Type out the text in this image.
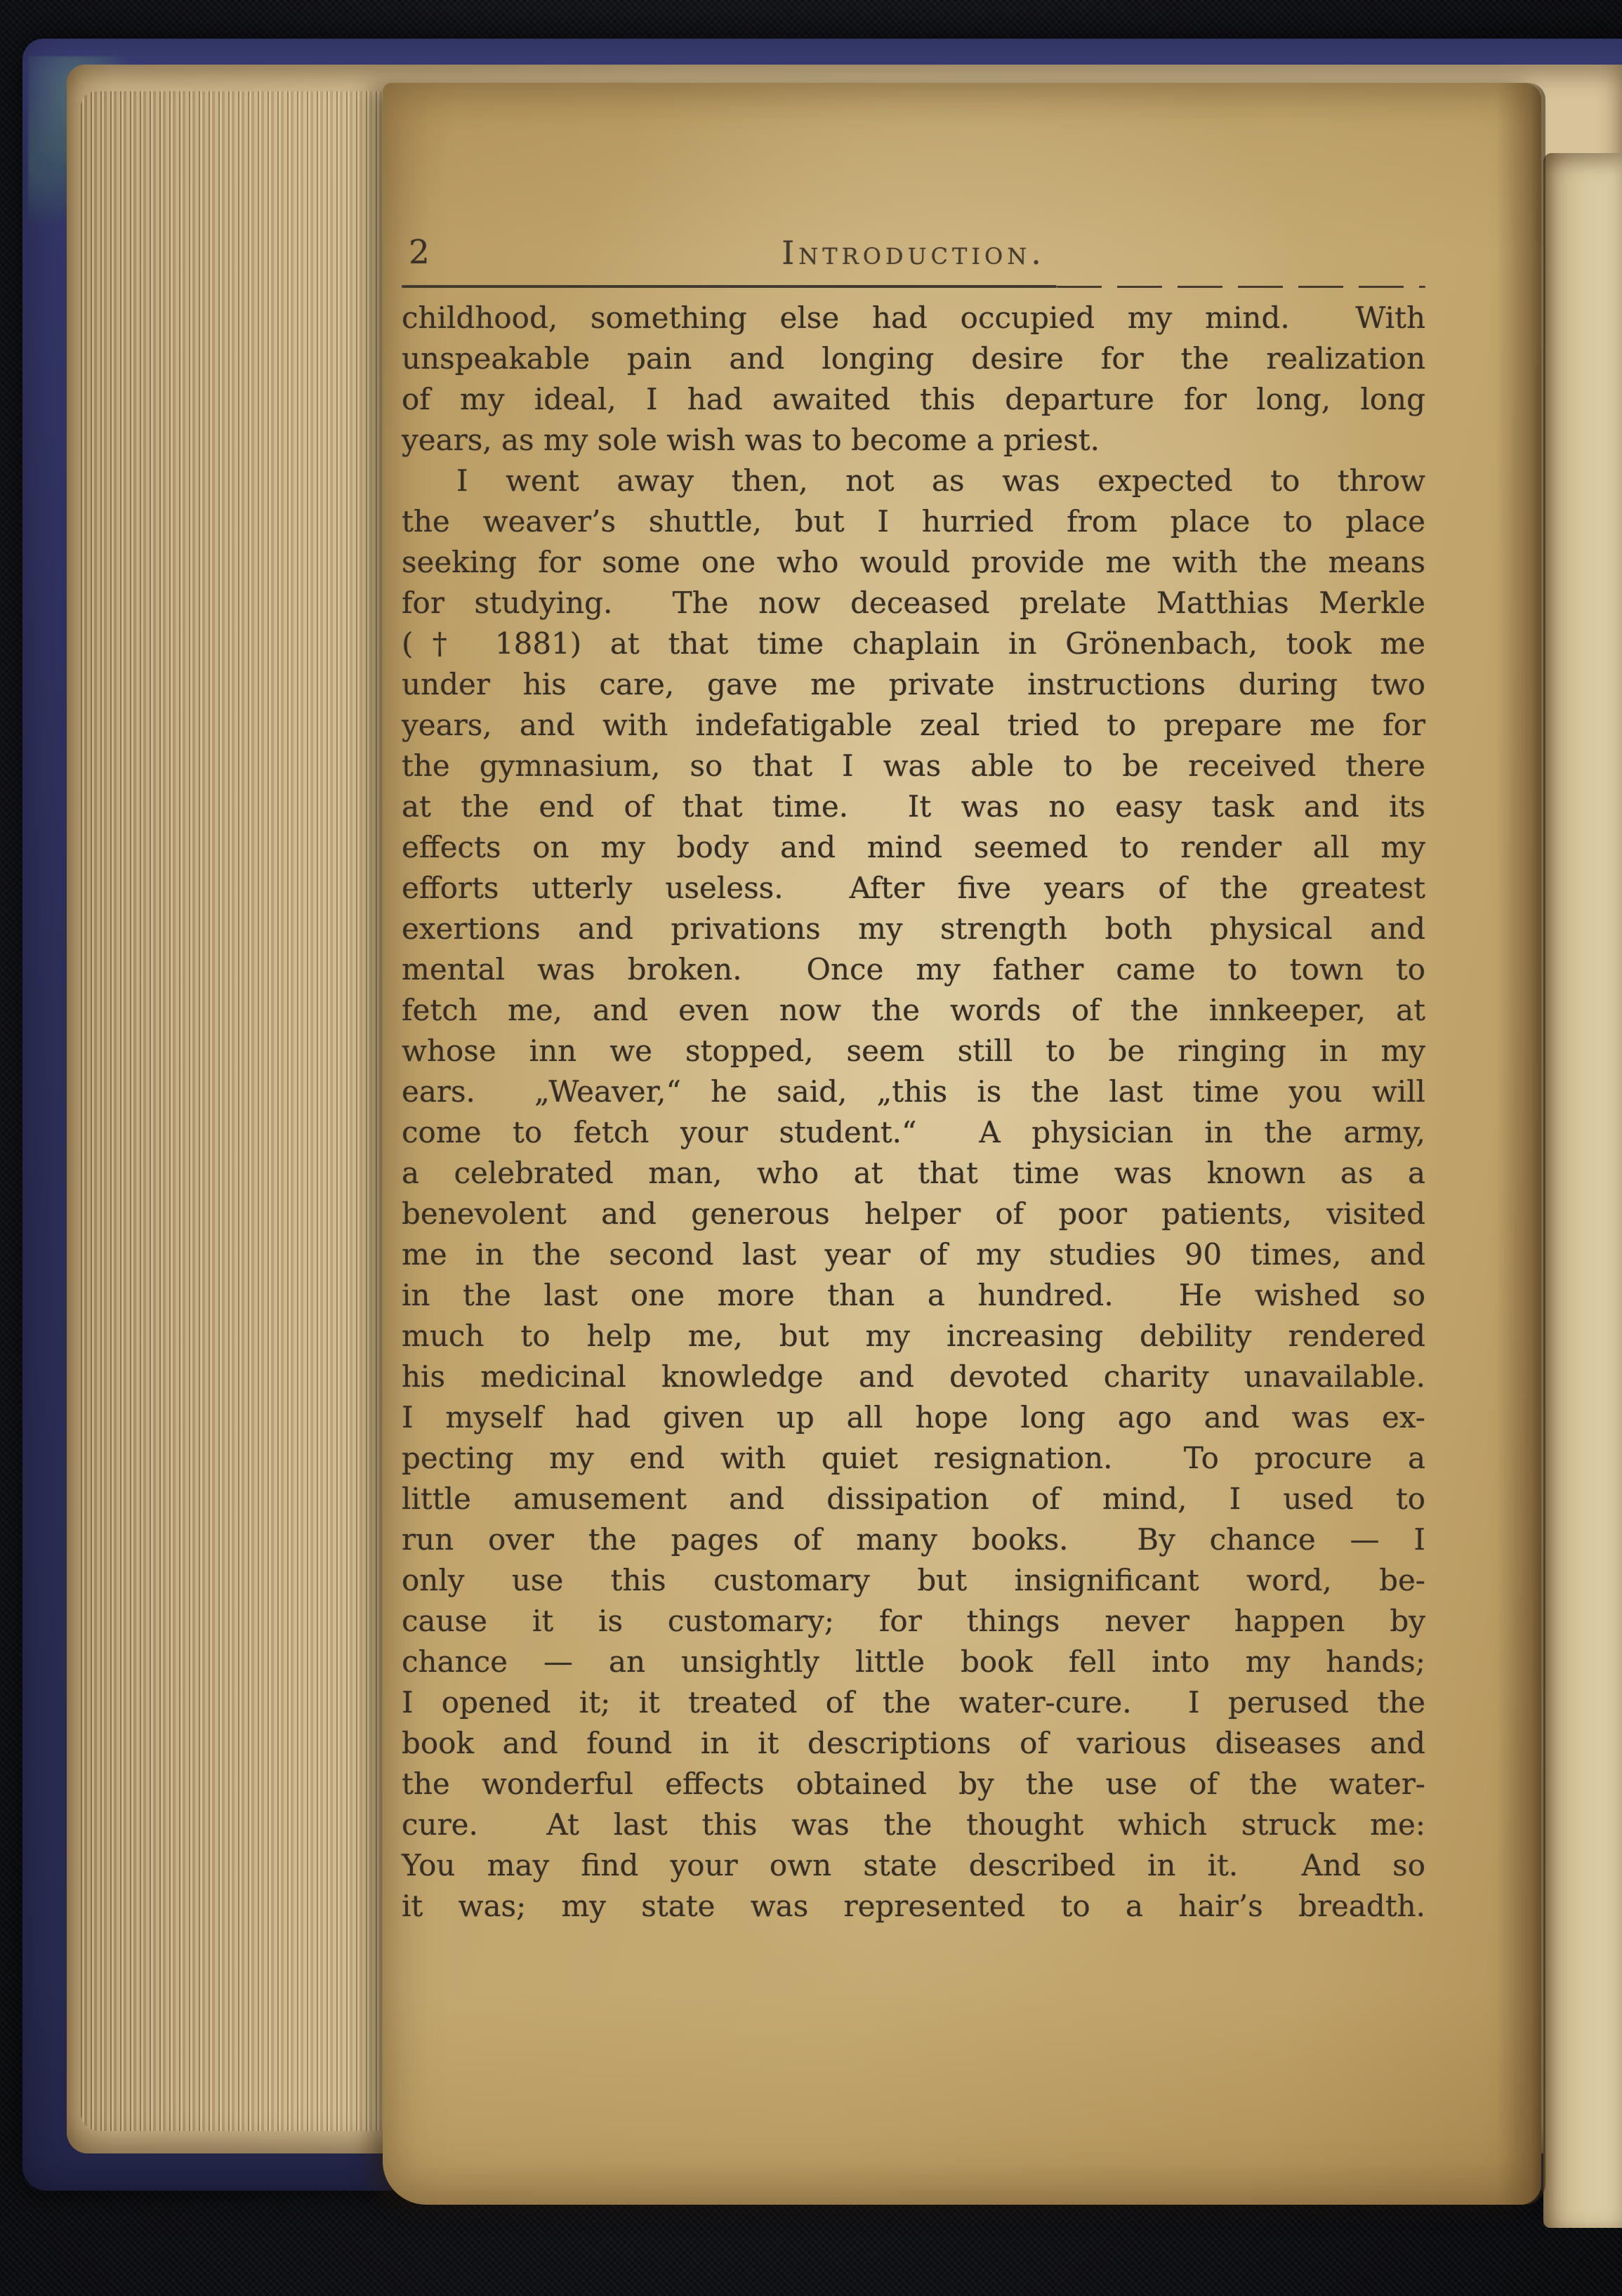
2	Introduction.
childhood, something else had occupied my mind.  With
unspeakable pain and longing desire for the realization
of my ideal, I had awaited this departure for long, long
years, as my sole wish was to become a priest.
I went away then, not as was expected to throw
the weaver’s shuttle, but I hurried from place to place
seeking for some one who would provide me with the means
for studying.  The now deceased prelate Matthias Merkle
(† 1881) at that time chaplain in Grönenbach, took me
under his care, gave me private instructions during two
years, and with indefatigable zeal tried to prepare me for
the gymnasium, so that I was able to be received there
at the end of that time.  It was no easy task and its
effects on my body and mind seemed to render all my
efforts utterly useless.  After five years of the greatest
exertions and privations my strength both physical and
mental was broken.  Once my father came to town to
fetch me, and even now the words of the innkeeper, at
whose inn we stopped, seem still to be ringing in my
ears.  „Weaver,“ he said, „this is the last time you will
come to fetch your student.“  A physician in the army,
a celebrated man, who at that time was known as a
benevolent and generous helper of poor patients, visited
me in the second last year of my studies 90 times, and
in the last one more than a hundred.  He wished so
much to help me, but my increasing debility rendered
his medicinal knowledge and devoted charity unavailable.
I myself had given up all hope long ago and was ex-
pecting my end with quiet resignation.  To procure a
little amusement and dissipation of mind, I used to
run over the pages of many books.  By chance — I
only use this customary but insignificant word, be-
cause it is customary; for things never happen by
chance — an unsightly little book fell into my hands;
I opened it; it treated of the water-cure.  I perused the
book and found in it descriptions of various diseases and
the wonderful effects obtained by the use of the water-
cure.  At last this was the thought which struck me:
You may find your own state described in it.  And so
it was; my state was represented to a hair’s breadth.
